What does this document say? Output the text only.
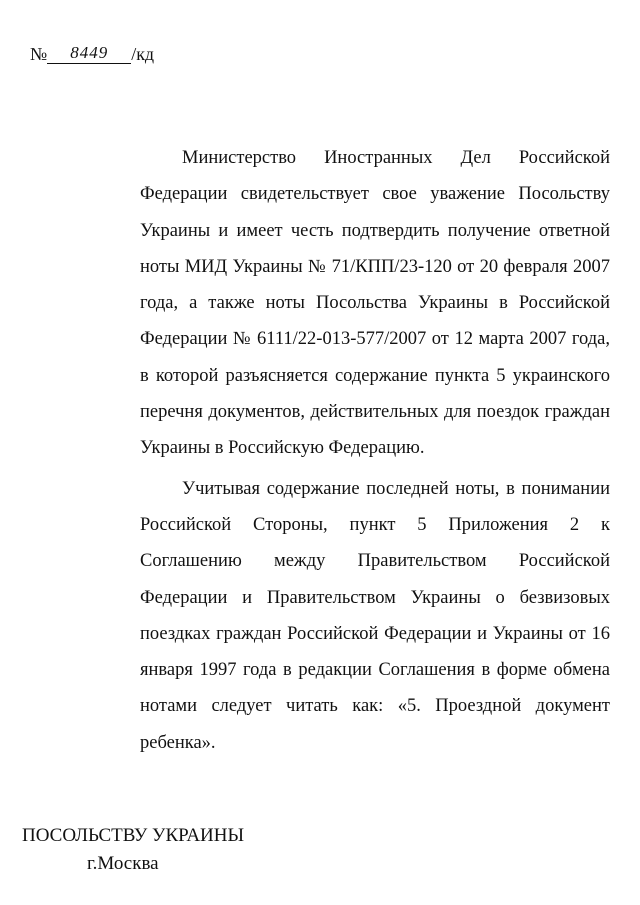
№ 8449 /кд

Министерство Иностранных Дел Российской Федерации свидетельствует свое уважение Посольству Украины и имеет честь подтвердить получение ответной ноты МИД Украины № 71/КПП/23-120 от 20 февраля 2007 года, а также ноты Посольства Украины в Российской Федерации № 6111/22-013-577/2007 от 12 марта 2007 года, в которой разъясняется содержание пункта 5 украинского перечня документов, действительных для поездок граждан Украины в Российскую Федерацию.

Учитывая содержание последней ноты, в понимании Российской Стороны, пункт 5 Приложения 2 к Соглашению между Правительством Российской Федерации и Правительством Украины о безвизовых поездках граждан Российской Федерации и Украины от 16 января 1997 года в редакции Соглашения в форме обмена нотами следует читать как: «5. Проездной документ ребенка».

ПОСОЛЬСТВУ УКРАИНЫ
г.Москва
